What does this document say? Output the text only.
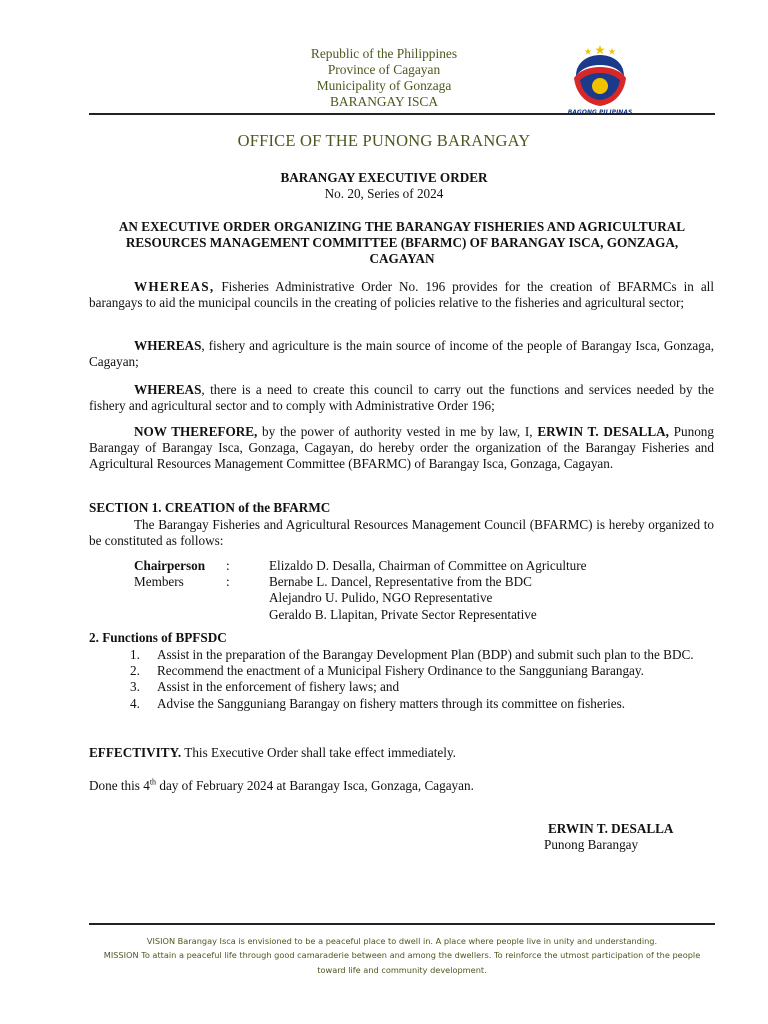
Republic of the Philippines
Province of Cagayan
Municipality of Gonzaga
BARANGAY ISCA
OFFICE OF THE PUNONG BARANGAY
BARANGAY EXECUTIVE ORDER
No. 20, Series of 2024
AN EXECUTIVE ORDER ORGANIZING THE BARANGAY FISHERIES AND AGRICULTURAL RESOURCES MANAGEMENT COMMITTEE (BFARMC) OF BARANGAY ISCA, GONZAGA, CAGAYAN
WHEREAS, Fisheries Administrative Order No. 196 provides for the creation of BFARMCs in all barangays to aid the municipal councils in the creating of policies relative to the fisheries and agricultural sector;
WHEREAS, fishery and agriculture is the main source of income of the people of Barangay Isca, Gonzaga, Cagayan;
WHEREAS, there is a need to create this council to carry out the functions and services needed by the fishery and agricultural sector and to comply with Administrative Order 196;
NOW THEREFORE, by the power of authority vested in me by law, I, ERWIN T. DESALLA, Punong Barangay of Barangay Isca, Gonzaga, Cagayan, do hereby order the organization of the Barangay Fisheries and Agricultural Resources Management Committee (BFARMC) of Barangay Isca, Gonzaga, Cagayan.
SECTION 1. CREATION of the BFARMC
The Barangay Fisheries and Agricultural Resources Management Council (BFARMC) is hereby organized to be constituted as follows:
Chairperson :	Elizaldo D. Desalla, Chairman of Committee on Agriculture
Members	:	Bernabe L. Dancel, Representative from the BDC
Alejandro U. Pulido, NGO Representative
Geraldo B. Llapitan, Private Sector Representative
2. Functions of BPFSDC
1. Assist in the preparation of the Barangay Development Plan (BDP) and submit such plan to the BDC.
2. Recommend the enactment of a Municipal Fishery Ordinance to the Sangguniang Barangay.
3. Assist in the enforcement of fishery laws; and
4. Advise the Sangguniang Barangay on fishery matters through its committee on fisheries.
EFFECTIVITY. This Executive Order shall take effect immediately.
Done this 4th day of February 2024 at Barangay Isca, Gonzaga, Cagayan.
ERWIN T. DESALLA
Punong Barangay
VISION Barangay Isca is envisioned to be a peaceful place to dwell in. A place where people live in unity and understanding.
MISSION To attain a peaceful life through good camaraderie between and among the dwellers. To reinforce the utmost participation of the people toward life and community development.
